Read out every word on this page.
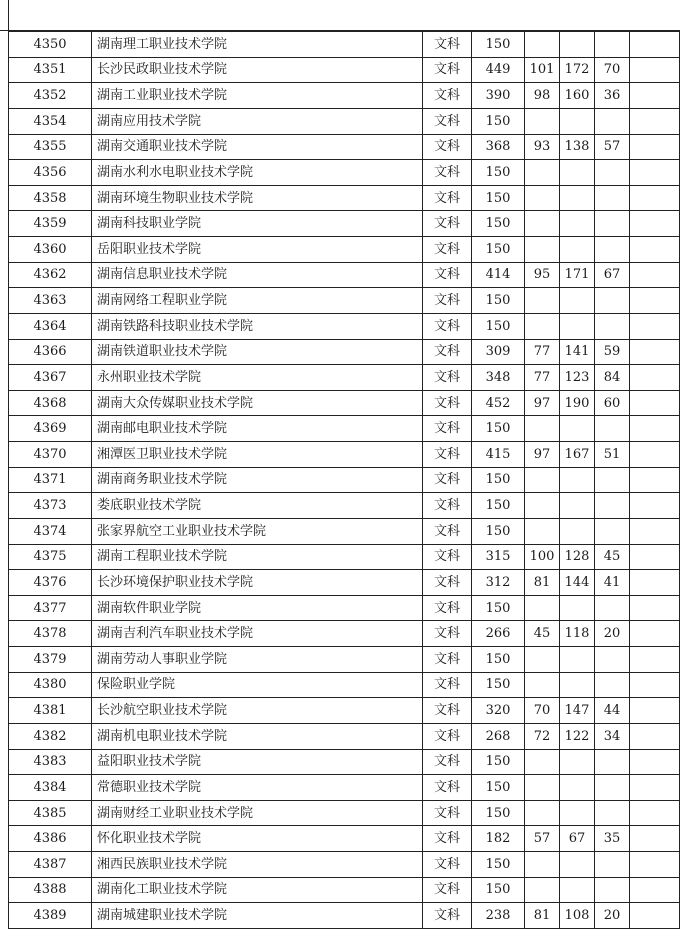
4350	湖南理工职业技术学院	文科	150				
4351	长沙民政职业技术学院	文科	449	101	172	70	
4352	湖南工业职业技术学院	文科	390	98	160	36	
4354	湖南应用技术学院	文科	150				
4355	湖南交通职业技术学院	文科	368	93	138	57	
4356	湖南水利水电职业技术学院	文科	150				
4358	湖南环境生物职业技术学院	文科	150				
4359	湖南科技职业学院	文科	150				
4360	岳阳职业技术学院	文科	150				
4362	湖南信息职业技术学院	文科	414	95	171	67	
4363	湖南网络工程职业学院	文科	150				
4364	湖南铁路科技职业技术学院	文科	150				
4366	湖南铁道职业技术学院	文科	309	77	141	59	
4367	永州职业技术学院	文科	348	77	123	84	
4368	湖南大众传媒职业技术学院	文科	452	97	190	60	
4369	湖南邮电职业技术学院	文科	150				
4370	湘潭医卫职业技术学院	文科	415	97	167	51	
4371	湖南商务职业技术学院	文科	150				
4373	娄底职业技术学院	文科	150				
4374	张家界航空工业职业技术学院	文科	150				
4375	湖南工程职业技术学院	文科	315	100	128	45	
4376	长沙环境保护职业技术学院	文科	312	81	144	41	
4377	湖南软件职业学院	文科	150				
4378	湖南吉利汽车职业技术学院	文科	266	45	118	20	
4379	湖南劳动人事职业学院	文科	150				
4380	保险职业学院	文科	150				
4381	长沙航空职业技术学院	文科	320	70	147	44	
4382	湖南机电职业技术学院	文科	268	72	122	34	
4383	益阳职业技术学院	文科	150				
4384	常德职业技术学院	文科	150				
4385	湖南财经工业职业技术学院	文科	150				
4386	怀化职业技术学院	文科	182	57	67	35	
4387	湘西民族职业技术学院	文科	150				
4388	湖南化工职业技术学院	文科	150				
4389	湖南城建职业技术学院	文科	238	81	108	20	
